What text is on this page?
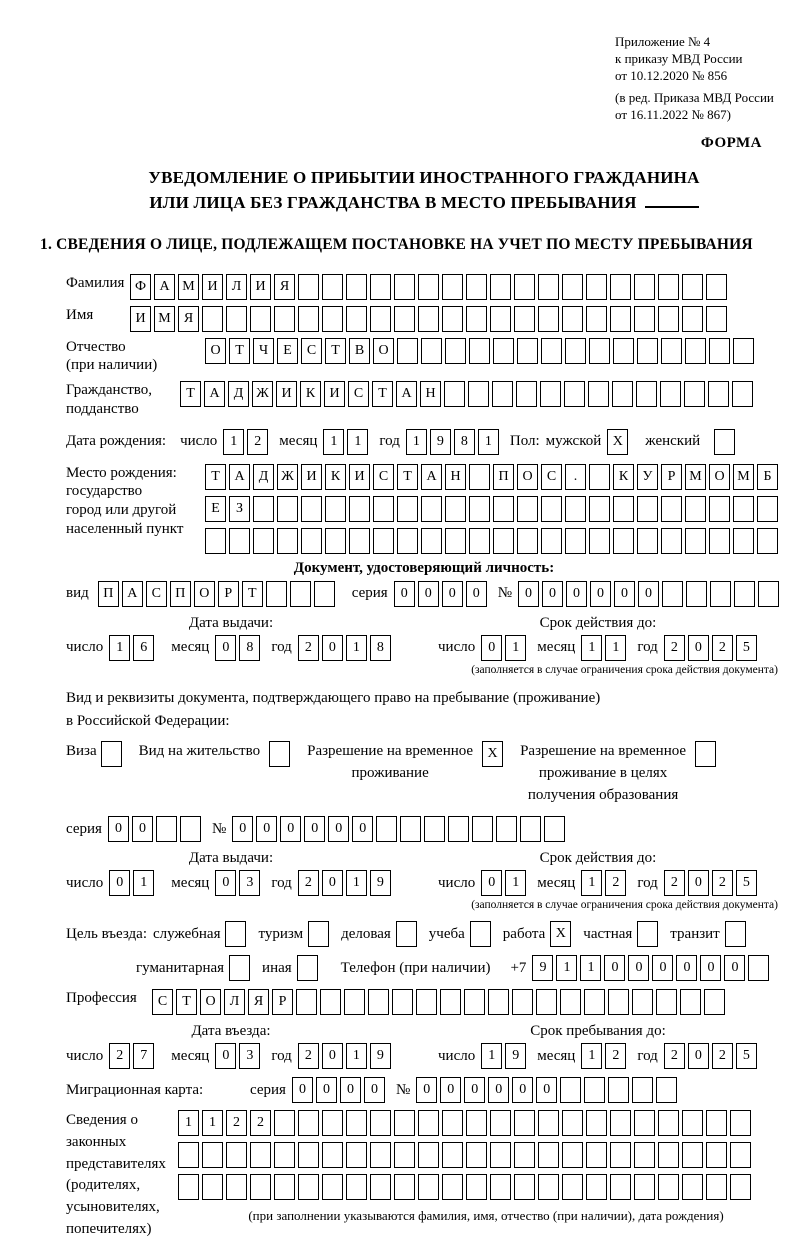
Приложение № 4
к приказу МВД России
от 10.12.2020 № 856
(в ред. Приказа МВД России
от 16.11.2022 № 867)
ФОРМА
УВЕДОМЛЕНИЕ О ПРИБЫТИИ ИНОСТРАННОГО ГРАЖДАНИНА
ИЛИ ЛИЦА БЕЗ ГРАЖДАНСТВА В МЕСТО ПРЕБЫВАНИЯ
1. СВЕДЕНИЯ О ЛИЦЕ, ПОДЛЕЖАЩЕМ ПОСТАНОВКЕ НА УЧЕТ ПО МЕСТУ ПРЕБЫВАНИЯ
Фамилия Ф А М И	Л	И	Я
Имя	И М Я
Отчество
(при наличии)
О	Т	Ч	Е	С	Т	В	О
Гражданство,
подданство
Т	А	Д Ж И	К	И	С	Т	А Н
Дата рождения: число 1	2	месяц 1	1	год 1	9	8	1	Пол: мужской X	женский
Место рождения:
государство
город или другой
населенный пункт
Т	А	Д Ж И	К	И	С	Т	А Н	П О	С	.	К	У	Р М О М Б
Е	З
Документ, удостоверяющий личность:
вид	П А	С	П О	Р	Т	серия 0	0	0	0	№ 0	0	0	0	0	0
Дата выдачи:
число 1	6	месяц 0	8	год 2	0	1	8
Срок действия до:
число 0	1	месяц 1	1	год 2	0	2	5
(заполняется в случае ограничения срока действия документа)
Вид и реквизиты документа, подтверждающего право на пребывание (проживание)
в Российской Федерации:
Виза	Вид на жительство	Разрешение на временное
проживание
X	Разрешение на временное
проживание в целях
получения образования
серия 0	0	№ 0	0	0	0	0	0
Дата выдачи:
число 0	1	месяц 0	3	год 2	0	1	9
Срок действия до:
число 0	1	месяц 1	2	год 2	0	2	5
(заполняется в случае ограничения срока действия документа)
Цель въезда: служебная	туризм	деловая	учеба	работа X	частная	транзит
гуманитарная	иная	Телефон (при наличии) +7 9	1	1	0	0	0	0	0	0
Профессия	С	Т	О	Л	Я	Р
Дата въезда:
число 2	7	месяц 0	3	год 2	0	1	9
Срок пребывания до:
число 1	9	месяц 1	2	год 2	0	2	5
Миграционная карта:	серия 0	0	0	0	№ 0	0	0	0	0	0
Сведения о
законных
представителях
(родителях,
усыновителях,
попечителях)
1	1	2	2
(при заполнении указываются фамилия, имя, отчество (при наличии), дата рождения)
